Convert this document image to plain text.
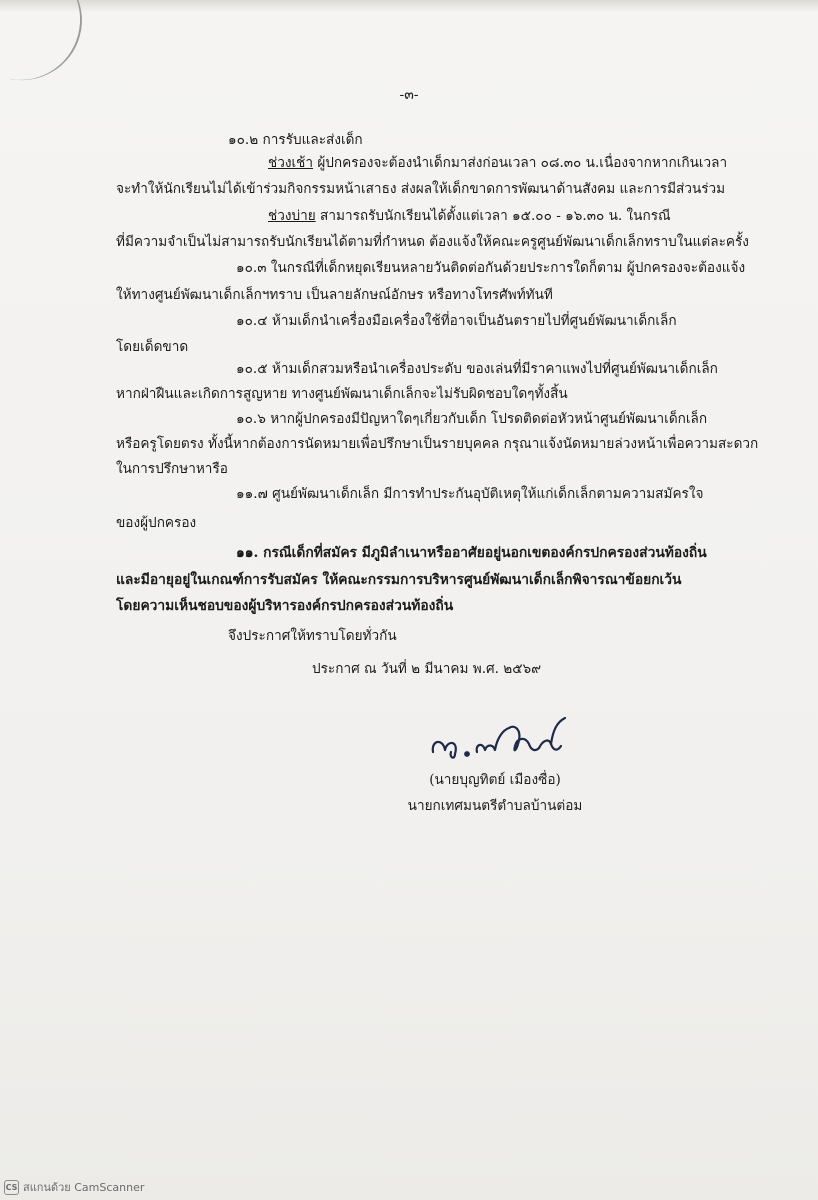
-๓-
๑๐.๒ การรับและส่งเด็ก
ช่วงเช้า ผู้ปกครองจะต้องนำเด็กมาส่งก่อนเวลา ๐๘.๓๐ น.เนื่องจากหากเกินเวลา
จะทำให้นักเรียนไม่ได้เข้าร่วมกิจกรรมหน้าเสาธง ส่งผลให้เด็กขาดการพัฒนาด้านสังคม และการมีส่วนร่วม
ช่วงบ่าย สามารถรับนักเรียนได้ตั้งแต่เวลา ๑๕.๐๐ - ๑๖.๓๐ น. ในกรณี
ที่มีความจำเป็นไม่สามารถรับนักเรียนได้ตามที่กำหนด ต้องแจ้งให้คณะครูศูนย์พัฒนาเด็กเล็กทราบในแต่ละครั้ง
๑๐.๓ ในกรณีที่เด็กหยุดเรียนหลายวันติดต่อกันด้วยประการใดก็ตาม ผู้ปกครองจะต้องแจ้ง
ให้ทางศูนย์พัฒนาเด็กเล็กฯทราบ เป็นลายลักษณ์อักษร หรือทางโทรศัพท์ทันที
๑๐.๔ ห้ามเด็กนำเครื่องมือเครื่องใช้ที่อาจเป็นอันตรายไปที่ศูนย์พัฒนาเด็กเล็ก
โดยเด็ดขาด
๑๐.๕ ห้ามเด็กสวมหรือนำเครื่องประดับ ของเล่นที่มีราคาแพงไปที่ศูนย์พัฒนาเด็กเล็ก
หากฝ่าฝืนและเกิดการสูญหาย ทางศูนย์พัฒนาเด็กเล็กจะไม่รับผิดชอบใดๆทั้งสิ้น
๑๐.๖ หากผู้ปกครองมีปัญหาใดๆเกี่ยวกับเด็ก โปรดติดต่อหัวหน้าศูนย์พัฒนาเด็กเล็ก
หรือครูโดยตรง ทั้งนี้หากต้องการนัดหมายเพื่อปรึกษาเป็นรายบุคคล กรุณาแจ้งนัดหมายล่วงหน้าเพื่อความสะดวก
ในการปรึกษาหารือ
๑๑.๗ ศูนย์พัฒนาเด็กเล็ก มีการทำประกันอุบัติเหตุให้แก่เด็กเล็กตามความสมัครใจ
ของผู้ปกครอง
๑๑. กรณีเด็กที่สมัคร มีภูมิลำเนาหรืออาศัยอยู่นอกเขตองค์กรปกครองส่วนท้องถิ่น
และมีอายุอยู่ในเกณฑ์การรับสมัคร ให้คณะกรรมการบริหารศูนย์พัฒนาเด็กเล็กพิจารณาข้อยกเว้น
โดยความเห็นชอบของผู้บริหารองค์กรปกครองส่วนท้องถิ่น
จึงประกาศให้ทราบโดยทั่วกัน
ประกาศ ณ วันที่ ๒ มีนาคม พ.ศ. ๒๕๖๙
(นายบุญทิตย์ เมืองซื่อ)
นายกเทศมนตรีตำบลบ้านต่อม
CS สแกนด้วย CamScanner
